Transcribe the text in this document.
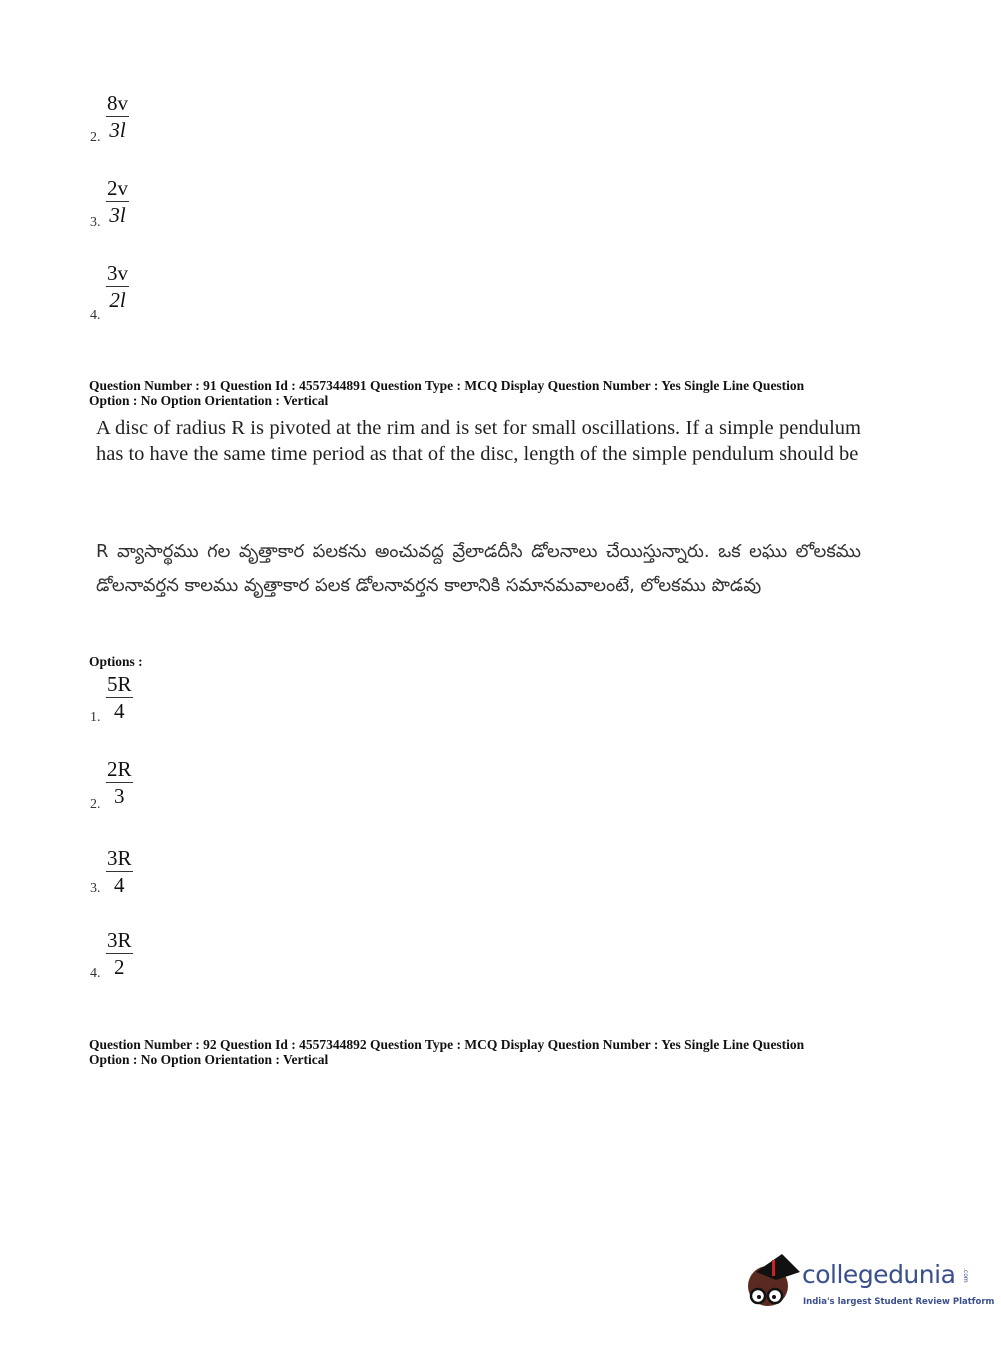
2. $\frac{8v}{3l}$
3. $\frac{2v}{3l}$
4.
$\frac{3v}{2l}$
Question Number : 91 Question Id : 4557344891 Question Type : MCQ Display Question Number : Yes Single Line Question
Option : No Option Orientation : Vertical
A disc of radius R is pivoted at the rim and is set for small oscillations. If a simple pendulum has to have the same time period as that of the disc, length of the simple pendulum should be
R వ్యాసార్థము గల వృత్తాకార పలకను అంచువద్ద వ్రేలాడదీసి డోలనాలు చేయిస్తున్నారు. ఒక లఘు లోలకము డోలనావర్తన కాలము వృత్తాకార పలక డోలనావర్తన కాలానికి సమానమవాలంటే, లోలకము పొడవు
Options :
1. $\frac{5R}{4}$
2. $\frac{2R}{3}$
3. $\frac{3R}{4}$
4. $\frac{3R}{2}$
Question Number : 92 Question Id : 4557344892 Question Type : MCQ Display Question Number : Yes Single Line Question
Option : No Option Orientation : Vertical
collegedunia .com
India's largest Student Review Platform
